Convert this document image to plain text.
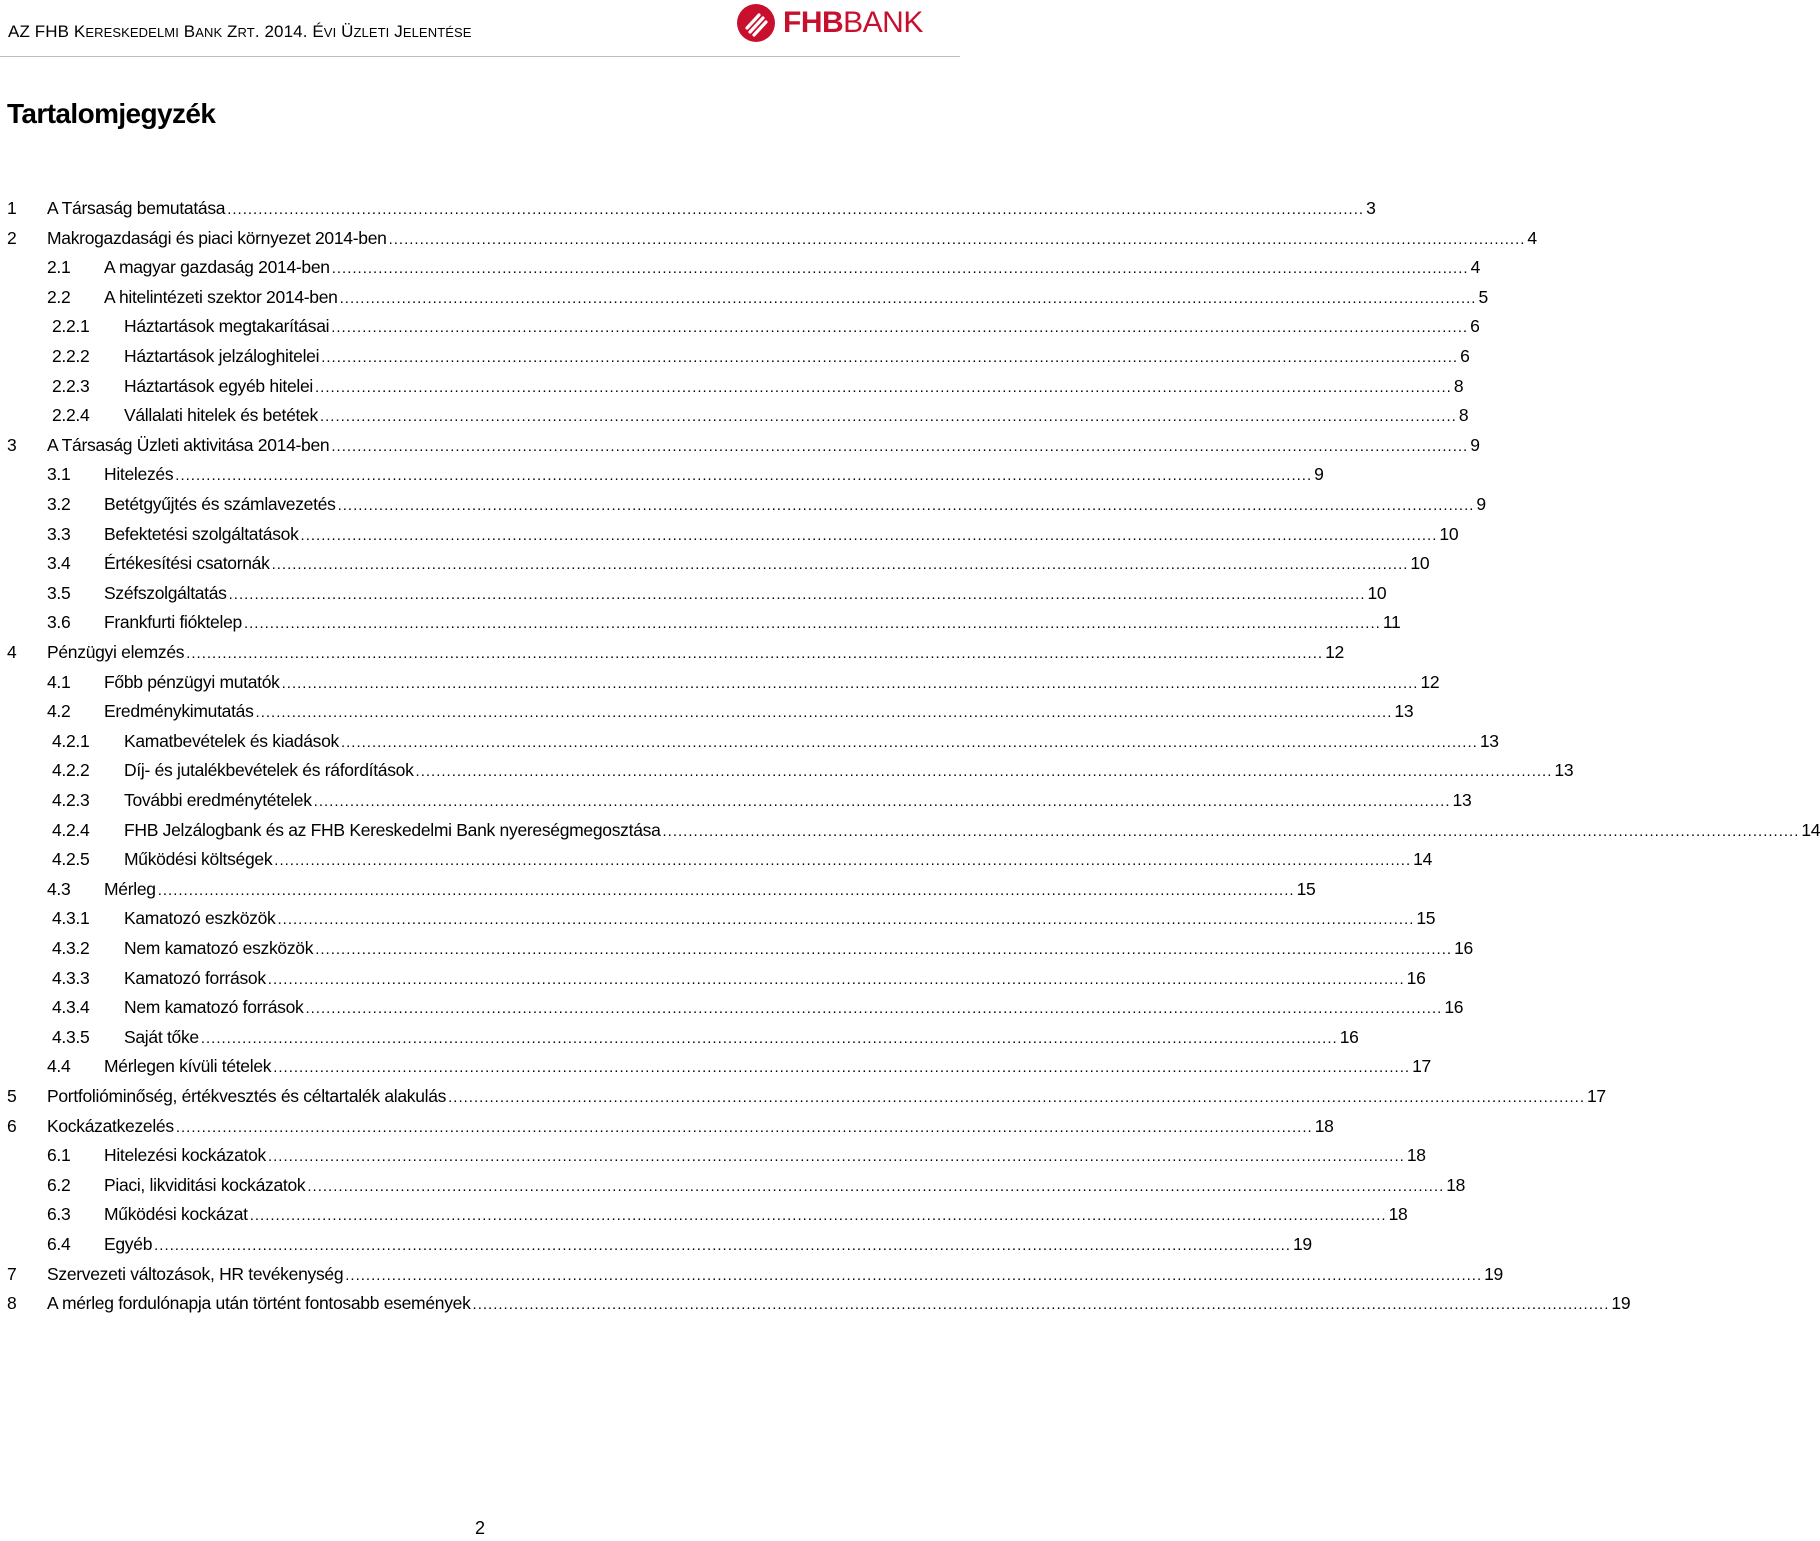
AZ FHB KERESKEDELMI BANK ZRT. 2014. ÉVI ÜZLETI JELENTÉSE	FHBBANK
Tartalomjegyzék
1 A Társaság bemutatása ............................................................................................................................................................................................................................ 3
2 Makrogazdasági és piaci környezet 2014-ben ............................................................................................................................................................................................................................ 4
2.1 A magyar gazdaság 2014-ben ............................................................................................................................................................................................................................ 4
2.2 A hitelintézeti szektor 2014-ben ............................................................................................................................................................................................................................ 5
2.2.1 Háztartások megtakarításai ............................................................................................................................................................................................................................ 6
2.2.2 Háztartások jelzáloghitelei ............................................................................................................................................................................................................................ 6
2.2.3 Háztartások egyéb hitelei ............................................................................................................................................................................................................................ 8
2.2.4 Vállalati hitelek és betétek ............................................................................................................................................................................................................................ 8
3 A Társaság Üzleti aktivitása 2014-ben ............................................................................................................................................................................................................................ 9
3.1 Hitelezés ............................................................................................................................................................................................................................ 9
3.2 Betétgyűjtés és számlavezetés ............................................................................................................................................................................................................................ 9
3.3 Befektetési szolgáltatások ............................................................................................................................................................................................................................ 10
3.4 Értékesítési csatornák ............................................................................................................................................................................................................................ 10
3.5 Széfszolgáltatás ............................................................................................................................................................................................................................ 10
3.6 Frankfurti fióktelep ............................................................................................................................................................................................................................ 11
4 Pénzügyi elemzés ............................................................................................................................................................................................................................ 12
4.1 Főbb pénzügyi mutatók ............................................................................................................................................................................................................................ 12
4.2 Eredménykimutatás ............................................................................................................................................................................................................................ 13
4.2.1 Kamatbevételek és kiadások ............................................................................................................................................................................................................................ 13
4.2.2 Díj- és jutalékbevételek és ráfordítások ............................................................................................................................................................................................................................ 13
4.2.3 További eredménytételek ............................................................................................................................................................................................................................ 13
4.2.4 FHB Jelzálogbank és az FHB Kereskedelmi Bank nyereségmegosztása ............................................................................................................................................................................................................................ 14
4.2.5 Működési költségek ............................................................................................................................................................................................................................ 14
4.3 Mérleg ............................................................................................................................................................................................................................ 15
4.3.1 Kamatozó eszközök ............................................................................................................................................................................................................................ 15
4.3.2 Nem kamatozó eszközök ............................................................................................................................................................................................................................ 16
4.3.3 Kamatozó források ............................................................................................................................................................................................................................ 16
4.3.4 Nem kamatozó források ............................................................................................................................................................................................................................ 16
4.3.5 Saját tőke ............................................................................................................................................................................................................................ 16
4.4 Mérlegen kívüli tételek ............................................................................................................................................................................................................................ 17
5 Portfolióminőség, értékvesztés és céltartalék alakulás ............................................................................................................................................................................................................................ 17
6 Kockázatkezelés ............................................................................................................................................................................................................................ 18
6.1 Hitelezési kockázatok ............................................................................................................................................................................................................................ 18
6.2 Piaci, likviditási kockázatok ............................................................................................................................................................................................................................ 18
6.3 Működési kockázat ............................................................................................................................................................................................................................ 18
6.4 Egyéb ............................................................................................................................................................................................................................ 19
7 Szervezeti változások, HR tevékenység ............................................................................................................................................................................................................................ 19
8 A mérleg fordulónapja után történt fontosabb események ............................................................................................................................................................................................................................ 19
2
